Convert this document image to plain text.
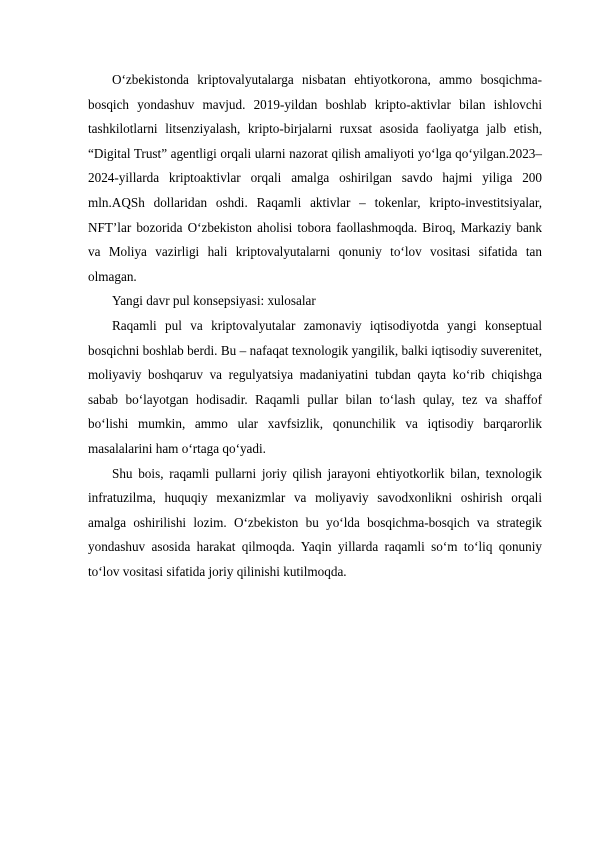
O‘zbekistonda kriptovalyutalarga nisbatan ehtiyotkorona, ammo bosqichma-bosqich yondashuv mavjud. 2019-yildan boshlab kripto-aktivlar bilan ishlovchi tashkilotlarni litsenziyalash, kripto-birjalarni ruxsat asosida faoliyatga jalb etish, “Digital Trust” agentligi orqali ularni nazorat qilish amaliyoti yo‘lga qo‘yilgan.2023–2024-yillarda kriptoaktivlar orqali amalga oshirilgan savdo hajmi yiliga 200 mln.AQSh dollaridan oshdi. Raqamli aktivlar – tokenlar, kripto-investitsiyalar, NFT’lar bozorida O‘zbekiston aholisi tobora faollashmoqda. Biroq, Markaziy bank va Moliya vazirligi hali kriptovalyutalarni qonuniy to‘lov vositasi sifatida tan olmagan.

Yangi davr pul konsepsiyasi: xulosalar

Raqamli pul va kriptovalyutalar zamonaviy iqtisodiyotda yangi konseptual bosqichni boshlab berdi. Bu – nafaqat texnologik yangilik, balki iqtisodiy suverenitet, moliyaviy boshqaruv va regulyatsiya madaniyatini tubdan qayta ko‘rib chiqishga sabab bo‘layotgan hodisadir. Raqamli pullar bilan to‘lash qulay, tez va shaffof bo‘lishi mumkin, ammo ular xavfsizlik, qonunchilik va iqtisodiy barqarorlik masalalarini ham o‘rtaga qo‘yadi.

Shu bois, raqamli pullarni joriy qilish jarayoni ehtiyotkorlik bilan, texnologik infratuzilma, huquqiy mexanizmlar va moliyaviy savodxonlikni oshirish orqali amalga oshirilishi lozim. O‘zbekiston bu yo‘lda bosqichma-bosqich va strategik yondashuv asosida harakat qilmoqda. Yaqin yillarda raqamli so‘m to‘liq qonuniy to‘lov vositasi sifatida joriy qilinishi kutilmoqda.
